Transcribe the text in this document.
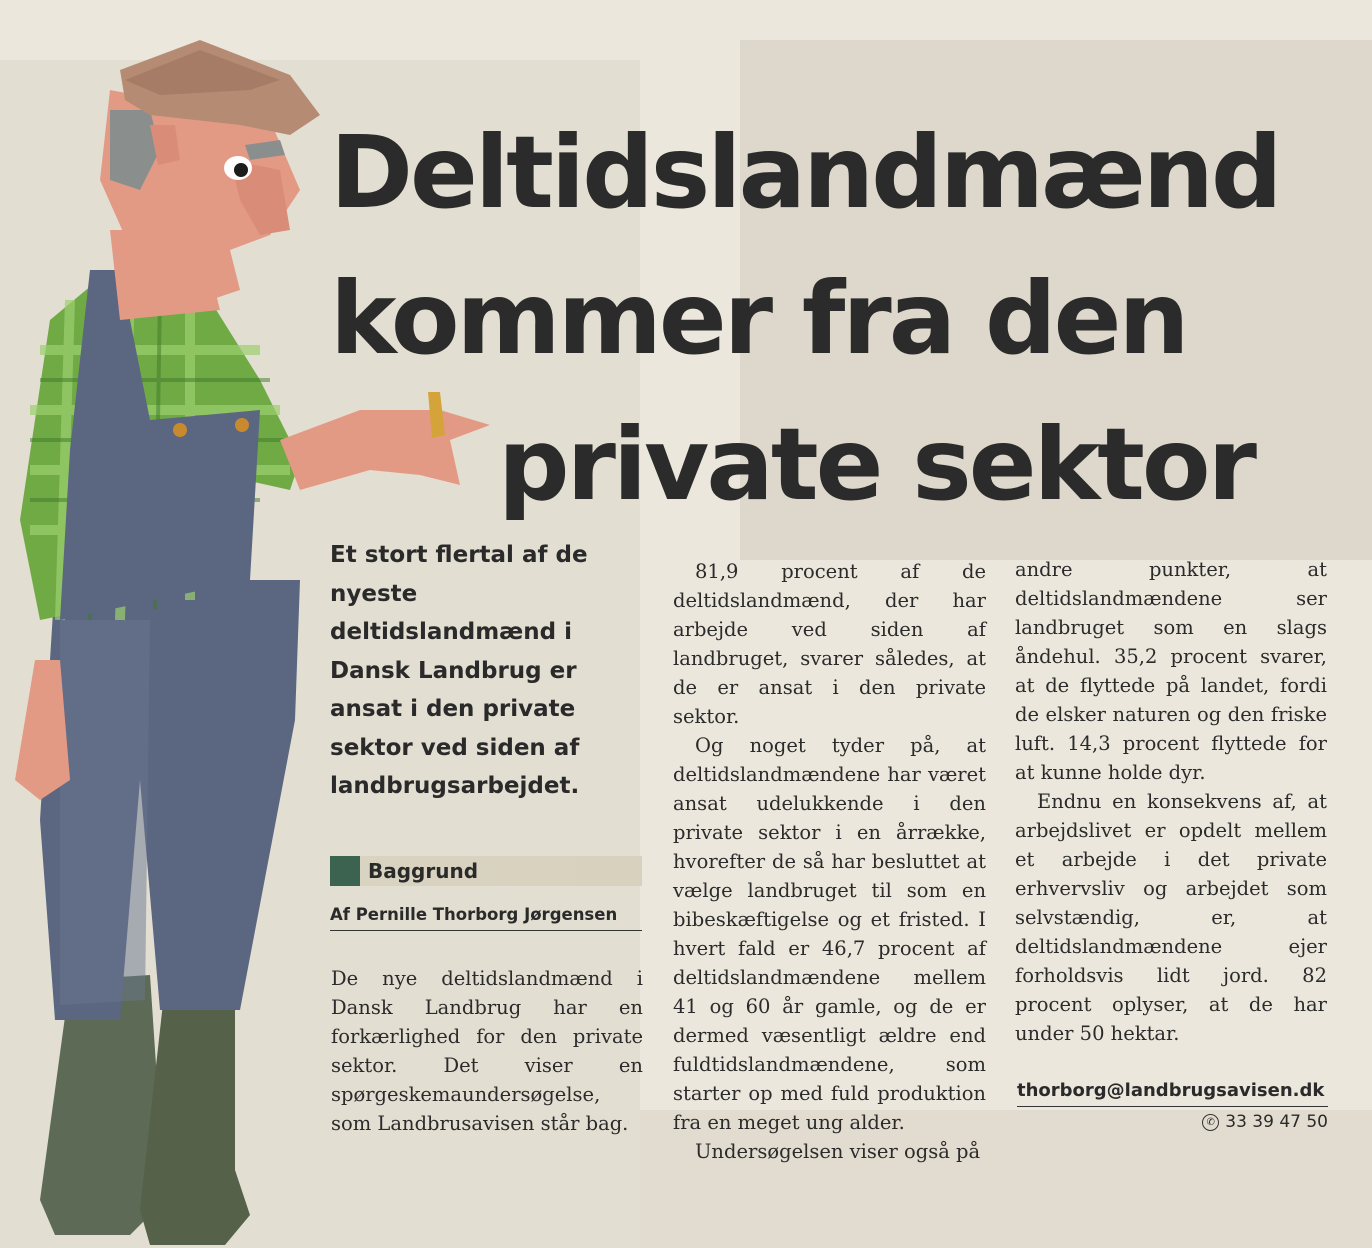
Deltidslandmænd
kommer fra den
private sektor
Et stort flertal af de nyeste deltidslandmænd i Dansk Landbrug er ansat i den private sektor ved siden af landbrugsarbejdet.
Baggrund
Af Pernille Thorborg Jørgensen

De nye deltidslandmænd i Dansk Landbrug har en forkærlighed for den private sektor. Det viser en spørgeskemaundersøgelse, som Landbrusavisen står bag.

81,9 procent af de deltidslandmænd, der har arbejde ved siden af landbruget, svarer således, at de er ansat i den private sektor.

Og noget tyder på, at deltidslandmændene har været ansat udelukkende i den private sektor i en årrække, hvorefter de så har besluttet at vælge landbruget til som en bibeskæftigelse og et fristed. I hvert fald er 46,7 procent af deltidslandmændene mellem 41 og 60 år gamle, og de er dermed væsentligt ældre end fuldtidslandmændene, som starter op med fuld produktion fra en meget ung alder.

Undersøgelsen viser også på

andre punkter, at deltidslandmændene ser landbruget som en slags åndehul. 35,2 procent svarer, at de flyttede på landet, fordi de elsker naturen og den friske luft. 14,3 procent flyttede for at kunne holde dyr.

Endnu en konsekvens af, at arbejdslivet er opdelt mellem et arbejde i det private erhvervsliv og arbejdet som selvstændig, er, at deltidslandmændene ejer forholdsvis lidt jord. 82 procent oplyser, at de har under 50 hektar.

thorborg@landbrugsavisen.dk
✆ 33 39 47 50
